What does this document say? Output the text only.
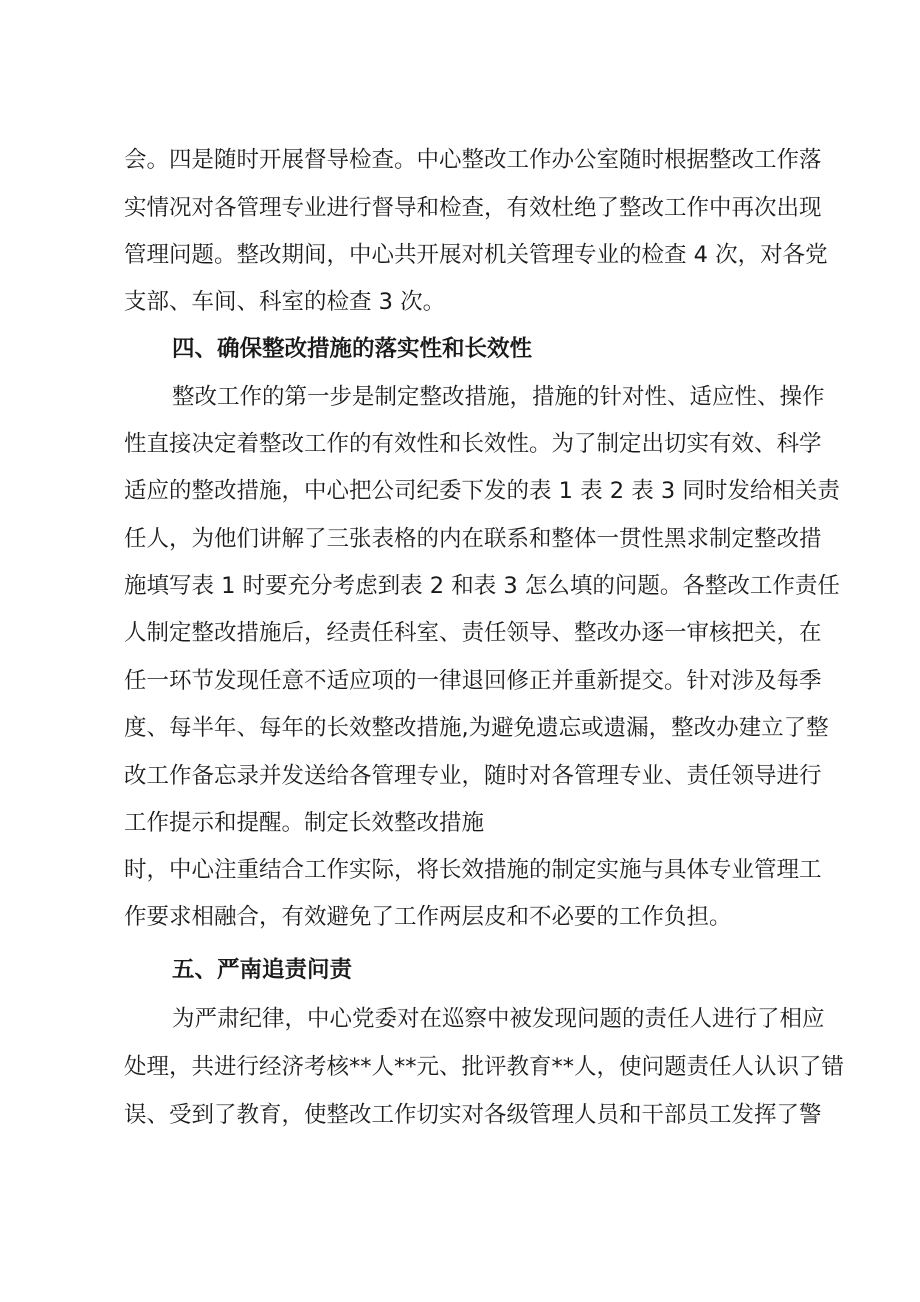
会。四是随时开展督导检查。中心整改工作办公室随时根据整改工作落
实情况对各管理专业进行督导和检查，有效杜绝了整改工作中再次出现
管理问题。整改期间，中心共开展对机关管理专业的检查 4 次，对各党
支部、车间、科室的检查 3 次。
四、确保整改措施的落实性和长效性
整改工作的第一步是制定整改措施，措施的针对性、适应性、操作
性直接决定着整改工作的有效性和长效性。为了制定出切实有效、科学
适应的整改措施，中心把公司纪委下发的表 1 表 2 表 3 同时发给相关责
任人，为他们讲解了三张表格的内在联系和整体一贯性黑求制定整改措
施填写表 1 时要充分考虑到表 2 和表 3 怎么填的问题。各整改工作责任
人制定整改措施后，经责任科室、责任领导、整改办逐一审核把关，在
任一环节发现任意不适应项的一律退回修正并重新提交。针对涉及每季
度、每半年、每年的长效整改措施,为避免遗忘或遗漏，整改办建立了整
改工作备忘录并发送给各管理专业，随时对各管理专业、责任领导进行
工作提示和提醒。制定长效整改措施
时，中心注重结合工作实际，将长效措施的制定实施与具体专业管理工
作要求相融合，有效避免了工作两层皮和不必要的工作负担。
五、严南追责问责
为严肃纪律，中心党委对在巡察中被发现问题的责任人进行了相应
处理，共进行经济考核**人**元、批评教育**人，使问题责任人认识了错
误、受到了教育，使整改工作切实对各级管理人员和干部员工发挥了警
